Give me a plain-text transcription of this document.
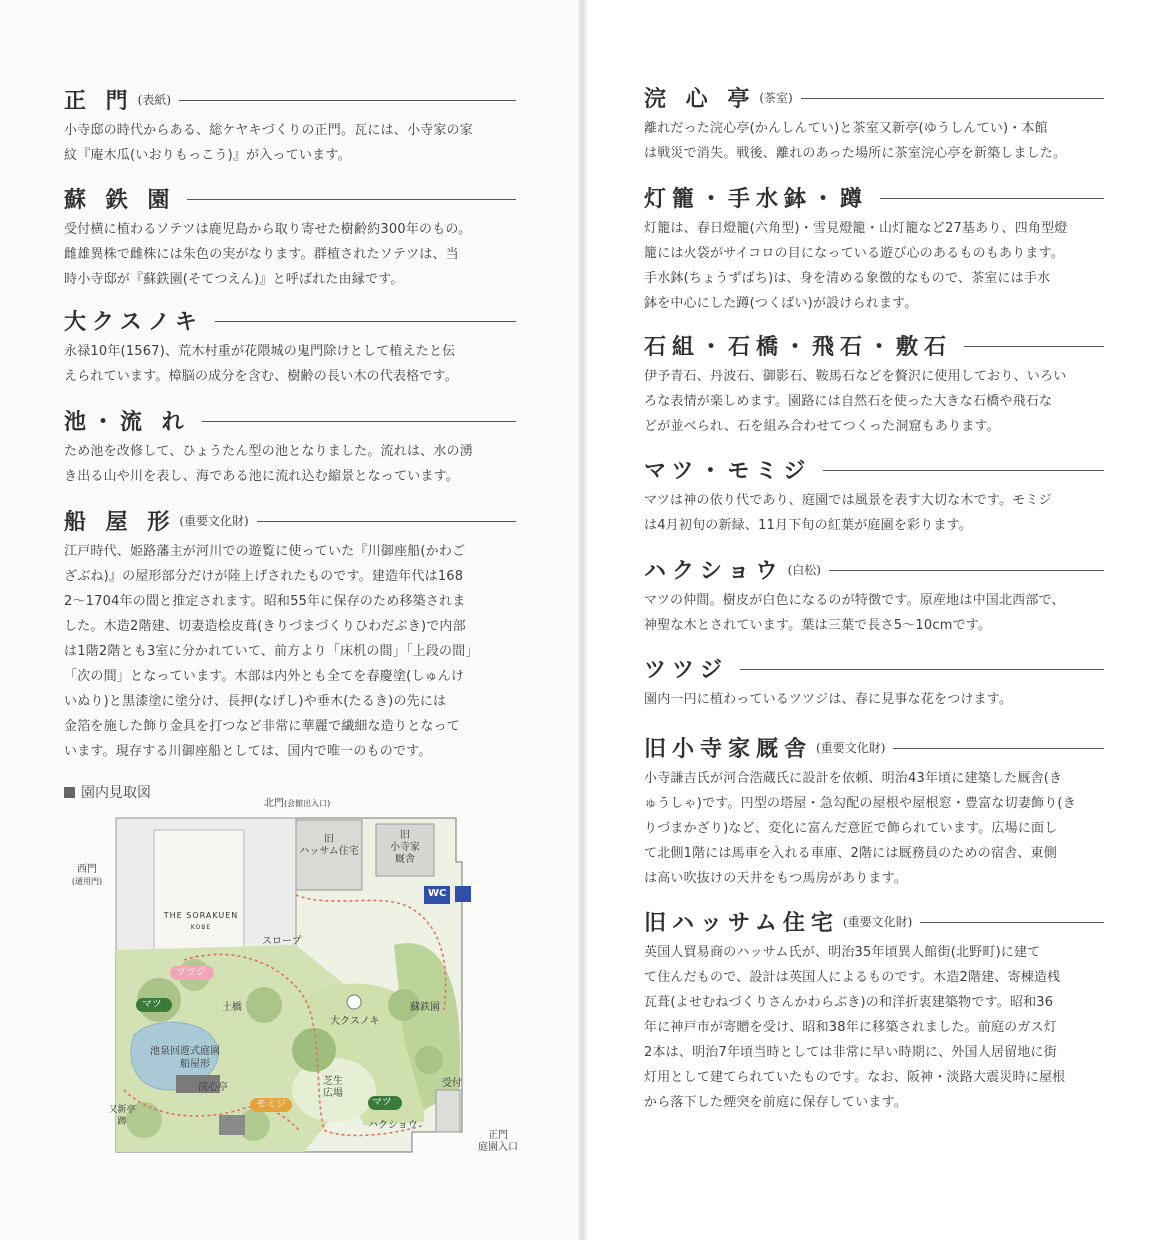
正 門 (表紙)

小寺邸の時代からある、総ケヤキづくりの正門。瓦には、小寺家の家

紋『庵木瓜(いおりもっこう)』が入っています。

蘇 鉄 園

受付横に植わるソテツは鹿児島から取り寄せた樹齢約300年のもの。

雌雄異株で雌株には朱色の実がなります。群植されたソテツは、当

時小寺邸が『蘇鉄園(そてつえん)』と呼ばれた由縁です。

大クスノキ

永禄10年(1567)、荒木村重が花隈城の鬼門除けとして植えたと伝

えられています。樟脳の成分を含む、樹齢の長い木の代表格です。

池・流 れ

ため池を改修して、ひょうたん型の池となりました。流れは、水の湧

き出る山や川を表し、海である池に流れ込む縮景となっています。

船 屋 形 (重要文化財)

江戸時代、姫路藩主が河川での遊覧に使っていた『川御座船(かわご

ざぶね)』の屋形部分だけが陸上げされたものです。建造年代は168

2〜1704年の間と推定されます。昭和55年に保存のため移築されま

した。木造2階建、切妻造桧皮葺(きりづまづくりひわだぶき)で内部

は1階2階とも3室に分かれていて、前方より「床机の間」「上段の間」

「次の間」となっています。木部は内外とも全てを春慶塗(しゅんけ

いぬり)と黒漆塗に塗分け、長押(なげし)や垂木(たるき)の先には

金箔を施した飾り金具を打つなど非常に華麗で繊細な造りとなって

います。現存する川御座船としては、国内で唯一のものです。

園内見取図
北門(会館出入口)
西門
(通用門)
旧
ハッサム住宅
旧
小寺家
厩舎
WC
THE SORAKUEN
KOBE
スロープ
ツツジ
マツ	土橋
大クスノキ
蘇鉄園
池泉回遊式庭園
船屋形
浣心亭
モミジ
芝生
広場
マツ
受付
ハクショウ
又新亭
蹲
正門
庭園入口
浣 心 亭 (茶室)

離れだった浣心亭(かんしんてい)と茶室又新亭(ゆうしんてい)・本館

は戦災で消失。戦後、離れのあった場所に茶室浣心亭を新築しました。

灯籠・手水鉢・蹲

灯籠は、春日燈籠(六角型)・雪見燈籠・山灯籠など27基あり、四角型燈

籠には火袋がサイコロの目になっている遊び心のあるものもあります。

手水鉢(ちょうずばち)は、身を清める象徴的なもので、茶室には手水

鉢を中心にした蹲(つくばい)が設けられます。

石組・石橋・飛石・敷石

伊予青石、丹波石、御影石、鞍馬石などを贅沢に使用しており、いろい

ろな表情が楽しめます。園路には自然石を使った大きな石橋や飛石な

どが並べられ、石を組み合わせてつくった洞窟もあります。

マツ・モミジ

マツは神の依り代であり、庭園では風景を表す大切な木です。モミジ

は4月初旬の新緑、11月下旬の紅葉が庭園を彩ります。

ハクショウ (白松)

マツの仲間。樹皮が白色になるのが特徴です。原産地は中国北西部で、

神聖な木とされています。葉は三葉で長さ5〜10cmです。

ツツジ

園内一円に植わっているツツジは、春に見事な花をつけます。

旧小寺家厩舎 (重要文化財)

小寺謙吉氏が河合浩蔵氏に設計を依頼、明治43年頃に建築した厩舎(き

ゅうしゃ)です。円型の塔屋・急勾配の屋根や屋根窓・豊富な切妻飾り(き

りづまかざり)など、変化に富んだ意匠で飾られています。広場に面し

て北側1階には馬車を入れる車庫、2階には厩務員のための宿舎、東側

は高い吹抜けの天井をもつ馬房があります。

旧ハッサム住宅 (重要文化財)

英国人貿易商のハッサム氏が、明治35年頃異人館街(北野町)に建て

て住んだもので、設計は英国人によるものです。木造2階建、寄棟造桟

瓦葺(よせむねづくりさんかわらぶき)の和洋折衷建築物です。昭和36

年に神戸市が寄贈を受け、昭和38年に移築されました。前庭のガス灯

2本は、明治7年頃当時としては非常に早い時期に、外国人居留地に街

灯用として建てられていたものです。なお、阪神・淡路大震災時に屋根

から落下した煙突を前庭に保存しています。
